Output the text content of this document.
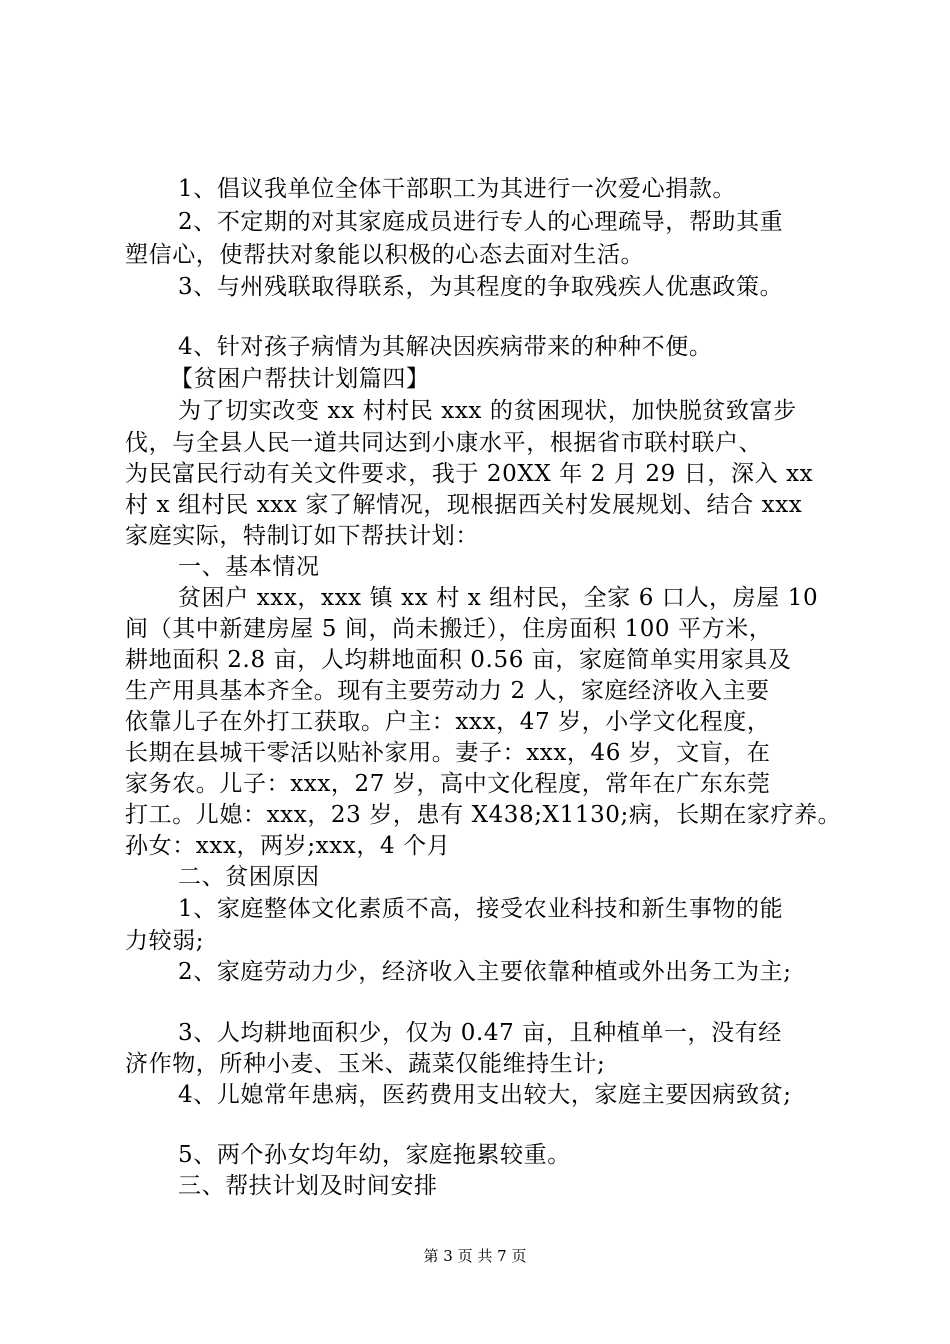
1、倡议我单位全体干部职工为其进行一次爱心捐款。
2、不定期的对其家庭成员进行专人的心理疏导，帮助其重
塑信心，使帮扶对象能以积极的心态去面对生活。
3、与州残联取得联系，为其程度的争取残疾人优惠政策。
4、针对孩子病情为其解决因疾病带来的种种不便。
【贫困户帮扶计划篇四】
为了切实改变 xx 村村民 xxx 的贫困现状，加快脱贫致富步
伐，与全县人民一道共同达到小康水平，根据省市联村联户、
为民富民行动有关文件要求，我于 20XX 年 2 月 29 日，深入 xx
村 x 组村民 xxx 家了解情况，现根据西关村发展规划、结合 xxx
家庭实际，特制订如下帮扶计划：
一、基本情况
贫困户 xxx，xxx 镇 xx 村 x 组村民，全家 6 口人，房屋 10
间（其中新建房屋 5 间，尚未搬迁），住房面积 100 平方米，
耕地面积 2.8 亩，人均耕地面积 0.56 亩，家庭简单实用家具及
生产用具基本齐全。现有主要劳动力 2 人，家庭经济收入主要
依靠儿子在外打工获取。户主：xxx，47 岁，小学文化程度，
长期在县城干零活以贴补家用。妻子：xxx，46 岁，文盲，在
家务农。儿子：xxx，27 岁，高中文化程度，常年在广东东莞
打工。儿媳：xxx，23 岁，患有 X438;X1130;病，长期在家疗养。
孙女：xxx，两岁;xxx，4 个月
二、贫困原因
1、家庭整体文化素质不高，接受农业科技和新生事物的能
力较弱;
2、家庭劳动力少，经济收入主要依靠种植或外出务工为主;
3、人均耕地面积少，仅为 0.47 亩，且种植单一，没有经
济作物，所种小麦、玉米、蔬菜仅能维持生计;
4、儿媳常年患病，医药费用支出较大，家庭主要因病致贫;
5、两个孙女均年幼，家庭拖累较重。
三、帮扶计划及时间安排
第 3 页 共 7 页
